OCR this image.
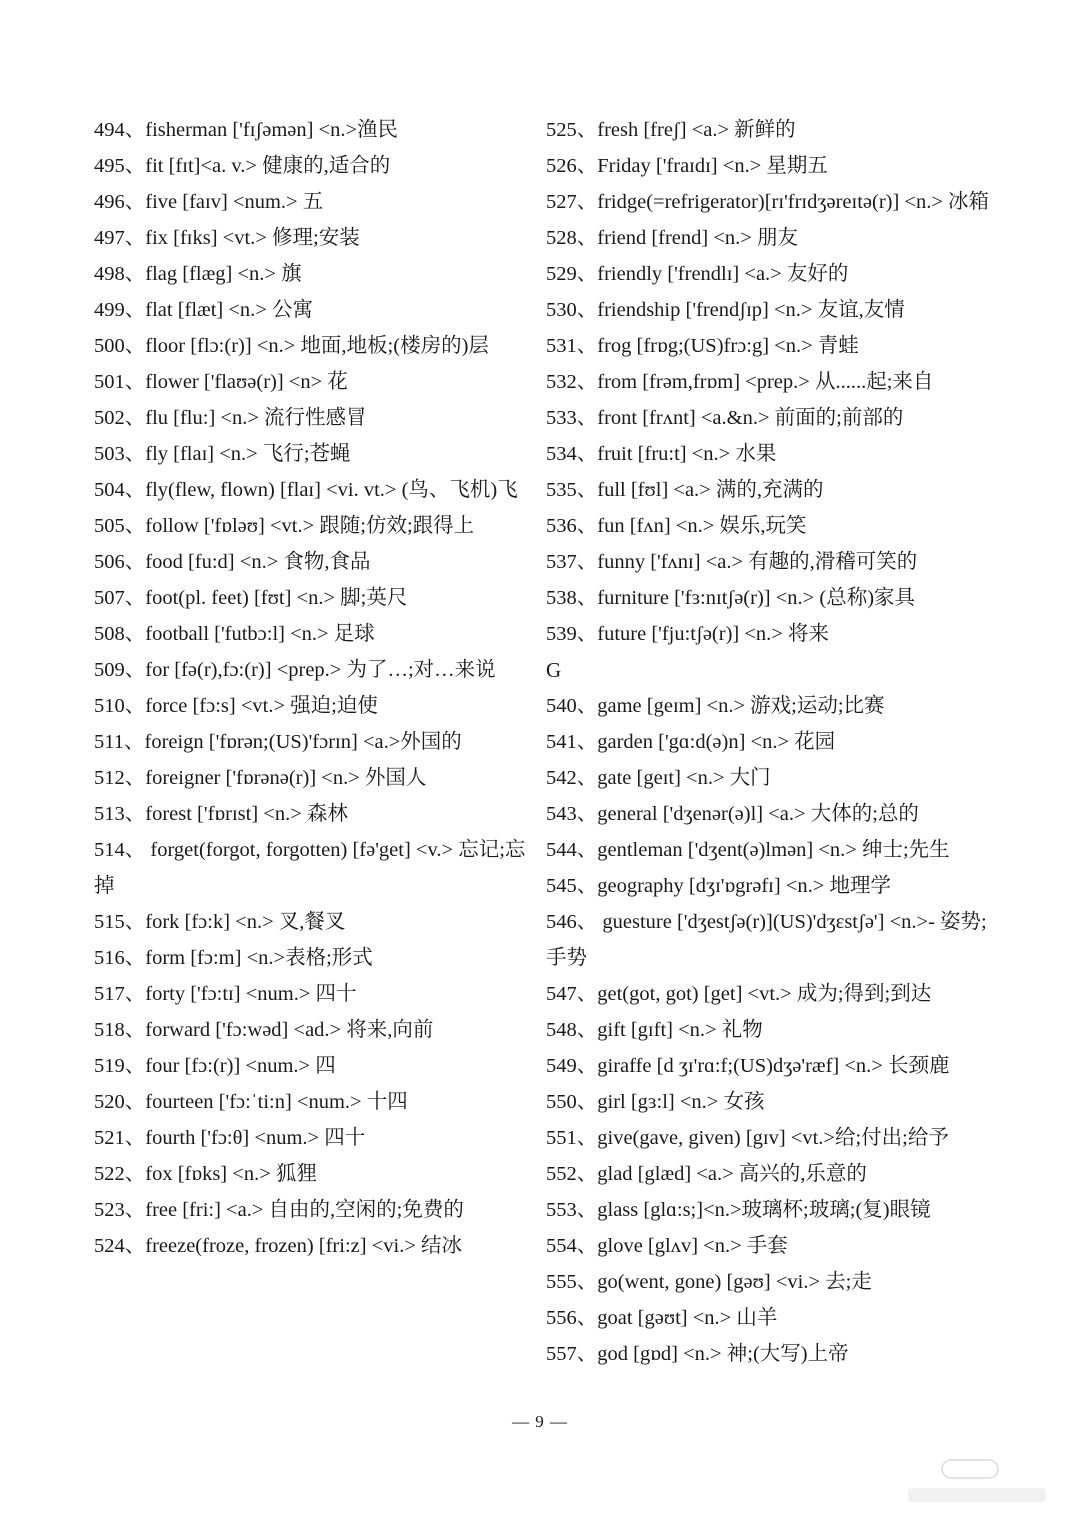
494、fisherman ['fɪʃəmən] <n.>渔民
495、fit [fɪt]<a. v.> 健康的,适合的
496、five [faɪv] <num.> 五
497、fix [fɪks] <vt.> 修理;安装
498、flag [flæg] <n.> 旗
499、flat [flæt] <n.> 公寓
500、floor [flɔ:(r)] <n.> 地面,地板;(楼房的)层
501、flower ['flaʊə(r)] <n> 花
502、flu [flu:] <n.> 流行性感冒
503、fly [flaɪ] <n.> 飞行;苍蝇
504、fly(flew, flown) [flaɪ] <vi. vt.> (鸟、飞机)飞
505、follow ['fɒləʊ] <vt.> 跟随;仿效;跟得上
506、food [fu:d] <n.> 食物,食品
507、foot(pl. feet) [fʊt] <n.> 脚;英尺
508、football ['futbɔ:l] <n.> 足球
509、for [fə(r),fɔ:(r)] <prep.> 为了…;对…来说
510、force [fɔ:s] <vt.> 强迫;迫使
511、foreign ['fɒrən;(US)'fɔrɪn] <a.>外国的
512、foreigner ['fɒrənə(r)] <n.> 外国人
513、forest ['fɒrɪst] <n.> 森林
514、 forget(forgot, forgotten) [fə'get] <v.> 忘记;忘掉
515、fork [fɔ:k] <n.> 叉,餐叉
516、form [fɔ:m] <n.>表格;形式
517、forty ['fɔ:tɪ] <num.> 四十
518、forward ['fɔ:wəd] <ad.> 将来,向前
519、four [fɔ:(r)] <num.> 四
520、fourteen ['fɔ:ˈti:n] <num.> 十四
521、fourth ['fɔ:θ] <num.> 四十
522、fox [fɒks] <n.> 狐狸
523、free [fri:] <a.> 自由的,空闲的;免费的
524、freeze(froze, frozen) [fri:z] <vi.> 结冰
525、fresh [freʃ] <a.> 新鲜的
526、Friday ['fraɪdɪ] <n.> 星期五
527、fridge(=refrigerator)[rɪ'frɪdʒəreɪtə(r)] <n.> 冰箱
528、friend [frend] <n.> 朋友
529、friendly ['frendlɪ] <a.> 友好的
530、friendship ['frendʃɪp] <n.> 友谊,友情
531、frog [frɒg;(US)frɔ:g] <n.> 青蛙
532、from [frəm,frɒm] <prep.> 从......起;来自
533、front [frʌnt] <a.&n.> 前面的;前部的
534、fruit [fru:t] <n.> 水果
535、full [fʊl] <a.> 满的,充满的
536、fun [fʌn] <n.> 娱乐,玩笑
537、funny ['fʌnɪ] <a.> 有趣的,滑稽可笑的
538、furniture ['fɜ:nɪtʃə(r)] <n.> (总称)家具
539、future ['fju:tʃə(r)] <n.> 将来
G
540、game [geɪm] <n.> 游戏;运动;比赛
541、garden ['gɑ:d(ə)n] <n.> 花园
542、gate [geɪt] <n.> 大门
543、general ['dʒenər(ə)l] <a.> 大体的;总的
544、gentleman ['dʒent(ə)lmən] <n.> 绅士;先生
545、geography [dʒɪ'ɒgrəfɪ] <n.> 地理学
546、 guesture ['dʒestʃə(r)](US)'dʒɛstʃə'] <n.>- 姿势;手势
547、get(got, got) [get] <vt.> 成为;得到;到达
548、gift [gɪft] <n.> 礼物
549、giraffe [d ʒɪ'rɑ:f;(US)dʒə'ræf] <n.> 长颈鹿
550、girl [gɜ:l] <n.> 女孩
551、give(gave, given) [gɪv] <vt.>给;付出;给予
552、glad [glæd] <a.> 高兴的,乐意的
553、glass [glɑ:s;]<n.>玻璃杯;玻璃;(复)眼镜
554、glove [glʌv] <n.> 手套
555、go(went, gone) [gəʊ] <vi.> 去;走
556、goat [gəʊt] <n.> 山羊
557、god [gɒd] <n.> 神;(大写)上帝
— 9 —
